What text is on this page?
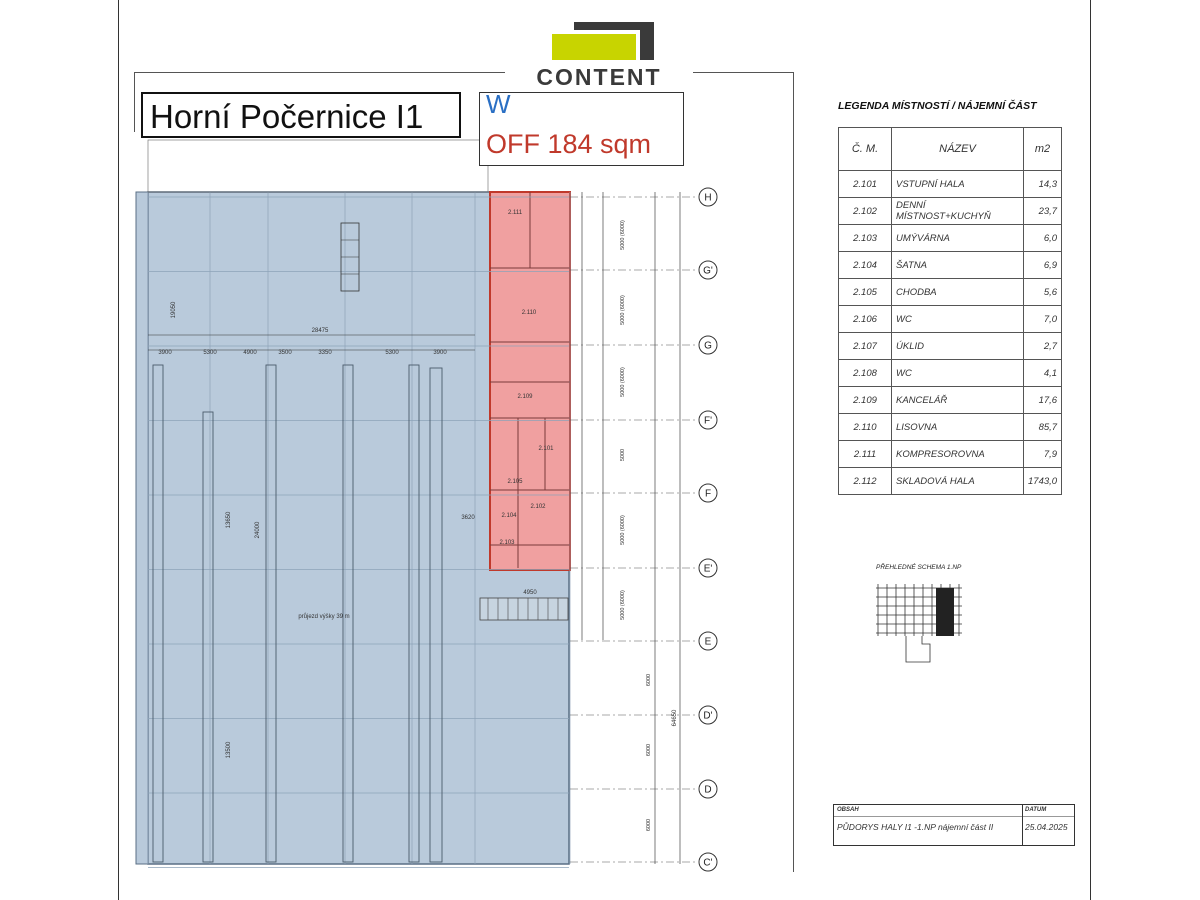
H
G'
G
F'
F
E'
E
D'
D
C'
2.111
2.110
2.109
2.101
2.105
2.102
2.104
2.103
28475
3900	5300	4900	3500	3350	5300	3900
19050
13650
24000
13500
5000 (6000)
5000 (6000)
5000 (6000)
5000
5000 (6000)
5000 (6000)
6000
6000
6000
64650
3620
4950
průjezd výšky 39 m
CONTENT
Horní Počernice I1	W
OFF 184 sqm
LEGENDA MÍSTNOSTÍ / NÁJEMNÍ ČÁST
Č. M.	NÁZEV	m2
2.101	VSTUPNÍ HALA	14,3
2.102	DENNÍ MÍSTNOST+KUCHYŇ	23,7
2.103	UMÝVÁRNA	6,0
2.104	ŠATNA	6,9
2.105	CHODBA	5,6
2.106	WC	7,0
2.107	ÚKLID	2,7
2.108	WC	4,1
2.109	KANCELÁŘ	17,6
2.110	LISOVNA	85,7
2.111	KOMPRESOROVNA	7,9
2.112	SKLADOVÁ HALA	1743,0
PŘEHLEDNÉ SCHEMA 1.NP
OBSAH	DATUM
PŮDORYS HALY I1 -1.NP nájemní část II	25.04.2025
